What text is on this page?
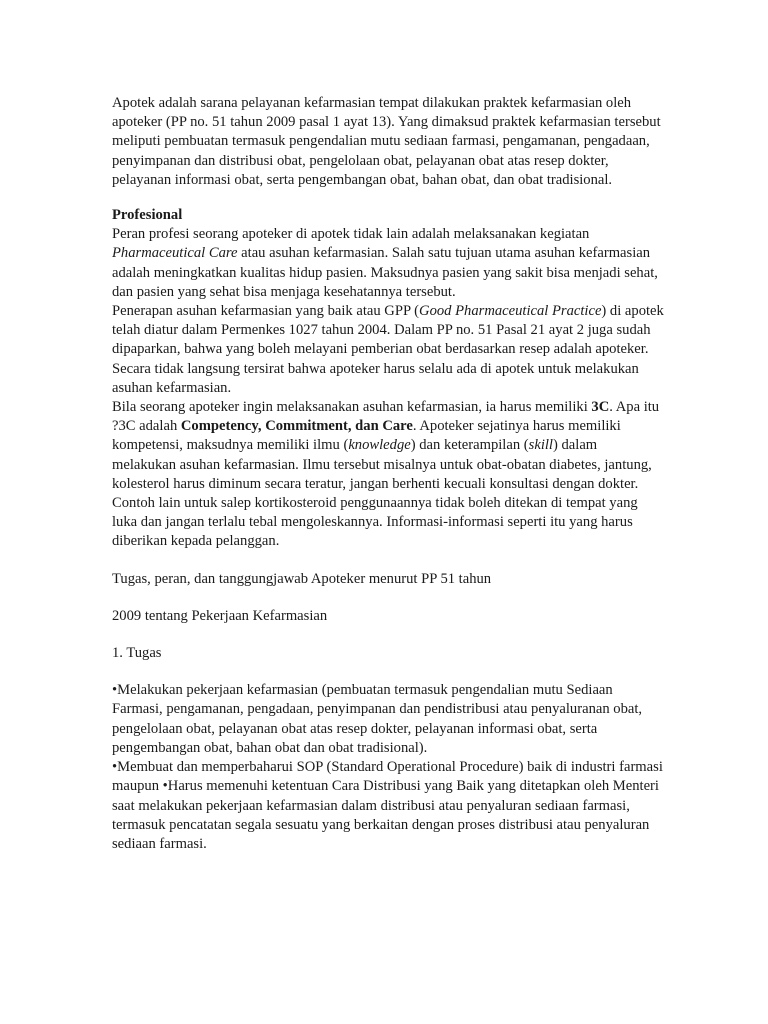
Apotek adalah sarana pelayanan kefarmasian tempat dilakukan praktek kefarmasian oleh apoteker (PP no. 51 tahun 2009 pasal 1 ayat 13). Yang dimaksud praktek kefarmasian tersebut meliputi pembuatan termasuk pengendalian mutu sediaan farmasi, pengamanan, pengadaan, penyimpanan dan distribusi obat, pengelolaan obat, pelayanan obat atas resep dokter, pelayanan informasi obat, serta pengembangan obat, bahan obat, dan obat tradisional.

Profesional

Peran profesi seorang apoteker di apotek tidak lain adalah melaksanakan kegiatan Pharmaceutical Care atau asuhan kefarmasian. Salah satu tujuan utama asuhan kefarmasian adalah meningkatkan kualitas hidup pasien. Maksudnya pasien yang sakit bisa menjadi sehat, dan pasien yang sehat bisa menjaga kesehatannya tersebut.

Penerapan asuhan kefarmasian yang baik atau GPP (Good Pharmaceutical Practice) di apotek telah diatur dalam Permenkes 1027 tahun 2004. Dalam PP no. 51 Pasal 21 ayat 2 juga sudah dipaparkan, bahwa yang boleh melayani pemberian obat berdasarkan resep adalah apoteker. Secara tidak langsung tersirat bahwa apoteker harus selalu ada di apotek untuk melakukan asuhan kefarmasian.

Bila seorang apoteker ingin melaksanakan asuhan kefarmasian, ia harus memiliki 3C. Apa itu ?3C adalah Competency, Commitment, dan Care. Apoteker sejatinya harus memiliki kompetensi, maksudnya memiliki ilmu (knowledge) dan keterampilan (skill) dalam melakukan asuhan kefarmasian. Ilmu tersebut misalnya untuk obat-obatan diabetes, jantung, kolesterol harus diminum secara teratur, jangan berhenti kecuali konsultasi dengan dokter. Contoh lain untuk salep kortikosteroid penggunaannya tidak boleh ditekan di tempat yang luka dan jangan terlalu tebal mengoleskannya. Informasi-informasi seperti itu yang harus diberikan kepada pelanggan.

Tugas, peran, dan tanggungjawab Apoteker menurut PP 51 tahun

2009 tentang Pekerjaan Kefarmasian

1. Tugas

•Melakukan pekerjaan kefarmasian (pembuatan termasuk pengendalian mutu Sediaan Farmasi, pengamanan, pengadaan, penyimpanan dan pendistribusi atau penyaluranan obat, pengelolaan obat, pelayanan obat atas resep dokter, pelayanan informasi obat, serta pengembangan obat, bahan obat dan obat tradisional).

•Membuat dan memperbaharui SOP (Standard Operational Procedure) baik di industri farmasi maupun •Harus memenuhi ketentuan Cara Distribusi yang Baik yang ditetapkan oleh Menteri saat melakukan pekerjaan kefarmasian dalam distribusi atau penyaluran sediaan farmasi, termasuk pencatatan segala sesuatu yang berkaitan dengan proses distribusi atau penyaluran sediaan farmasi.
